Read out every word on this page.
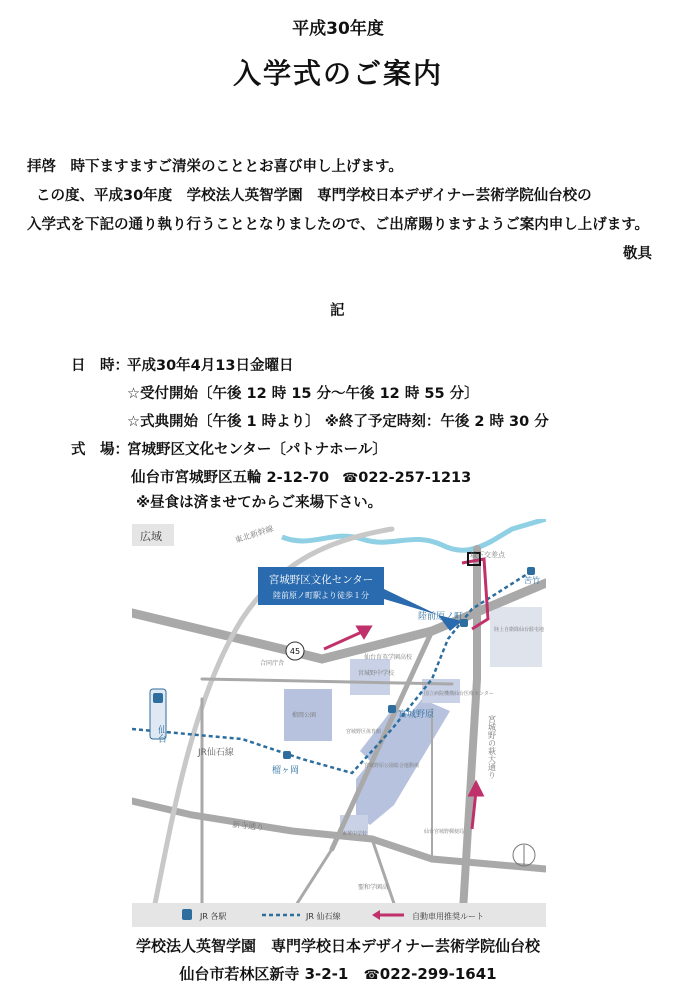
平成30年度
入学式のご案内
拝啓　時下ますますご清栄のこととお喜び申し上げます。
この度、平成30年度　学校法人英智学園　専門学校日本デザイナー芸術学院仙台校の
入学式を下記の通り執り行うこととなりましたので、ご出席賜りますようご案内申し上げます。
敬具
記
日　時：
平成30年4月13日金曜日
☆受付開始〔午後 12 時 15 分～午後 12 時 55 分〕
☆式典開始〔午後 1 時より〕 ※終了予定時刻：午後 2 時 30 分
式　場：
宮城野区文化センター〔パトナホール〕
仙台市宮城野区五輪 2-12-70 ☎022-257-1213
※昼食は済ませてからご来場下さい。
広域
宮城野区文化センター
陸前原ノ町駅より徒歩１分
仙台
榴ヶ岡
宮城野原
陸前原ノ町
苦竹
JR仙石線
東北新幹線
新寺通り
宮城野の萩大通り
坂下交差点
合同庁舎
仙台育英学園高校
宮城野中学校
榴岡公園
国立病院機構仙台医療センター
宮城野区体育館
宮城野原公園総合運動場
陸上自衛隊仙台駐屯地
東華中学校	仙台宮城野郵便局
聖和学園高
45
JR 各駅	JR 仙石線	自動車用推奨ルート
学校法人英智学園　専門学校日本デザイナー芸術学院仙台校
仙台市若林区新寺 3-2-1 ☎022-299-1641
